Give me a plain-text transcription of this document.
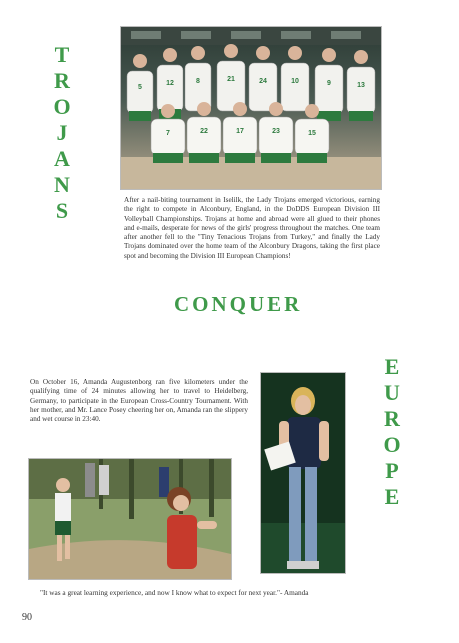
T
R
O
J
A
N
S
5
12	8	21	24	10	9	13
7	22	17	23	15
After a nail-biting tournament in Iselilk, the Lady Trojans emerged victorious, earning the right to compete in Alconbury, England, in the DoDDS European Division III Volleyball Championships. Trojans at home and abroad were all glued to their phones and e-mails, desperate for news of the girls' progress throughout the matches. One team after another fell to the "Tiny Tenacious Trojans from Turkey," and finally the Lady Trojans dominated over the home team of the Alconbury Dragons, taking the first place spot and becoming the Division III European Champions!
CONQUER
E
U
R
O
P
E
On October 16, Amanda Augustenborg ran five kilometers under the qualifying time of 24 minutes allowing her to travel to Heidelberg, Germany, to participate in the European Cross-Country Tournament. With her mother, and Mr. Lance Posey cheering her on, Amanda ran the slippery and wet course in 23:40.
"It was a great learning experience, and now I know what to expect for next year."- Amanda
90
